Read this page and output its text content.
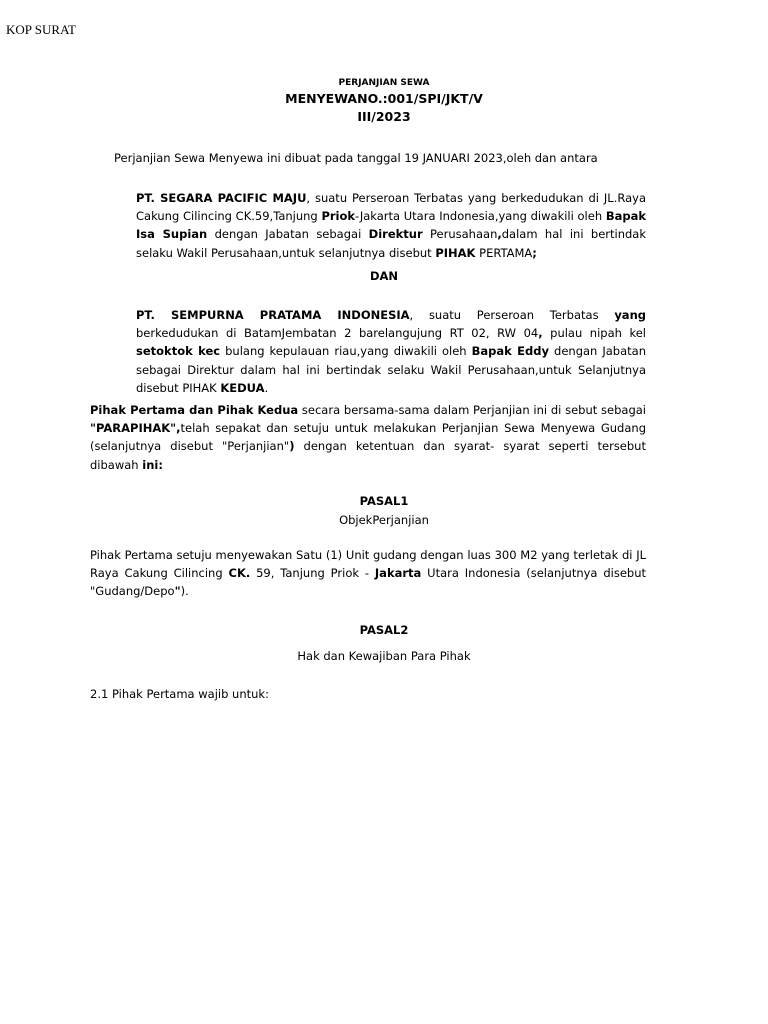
KOP SURAT
PERJANJIAN SEWA
MENYEWANO.:001/SPI/JKT/V
III/2023
Perjanjian Sewa Menyewa ini dibuat pada tanggal 19 JANUARI 2023,oleh dan antara
PT. SEGARA PACIFIC MAJU, suatu Perseroan Terbatas yang berkedudukan di JL.Raya Cakung Cilincing CK.59,Tanjung Priok-Jakarta Utara Indonesia,yang diwakili oleh Bapak Isa Supian dengan Jabatan sebagai Direktur Perusahaan,dalam hal ini bertindak selaku Wakil Perusahaan,untuk selanjutnya disebut PIHAK PERTAMA;
DAN
PT. SEMPURNA PRATAMA INDONESIA, suatu Perseroan Terbatas yang berkedudukan di BatamJembatan 2 barelangujung RT 02, RW 04, pulau nipah kel setoktok kec bulang kepulauan riau,yang diwakili oleh Bapak Eddy dengan Jabatan sebagai Direktur dalam hal ini bertindak selaku Wakil Perusahaan,untuk Selanjutnya disebut PIHAK KEDUA.
Pihak Pertama dan Pihak Kedua secara bersama-sama dalam Perjanjian ini di sebut sebagai "PARAPIHAK",telah sepakat dan setuju untuk melakukan Perjanjian Sewa Menyewa Gudang (selanjutnya disebut "Perjanjian") dengan ketentuan dan syarat- syarat seperti tersebut dibawah ini:
PASAL1
ObjekPerjanjian
Pihak Pertama setuju menyewakan Satu (1) Unit gudang dengan luas 300 M2 yang terletak di JL Raya Cakung Cilincing CK. 59, Tanjung Priok - Jakarta Utara Indonesia (selanjutnya disebut "Gudang/Depo").
PASAL2
Hak dan Kewajiban Para Pihak
2.1 Pihak Pertama wajib untuk:
